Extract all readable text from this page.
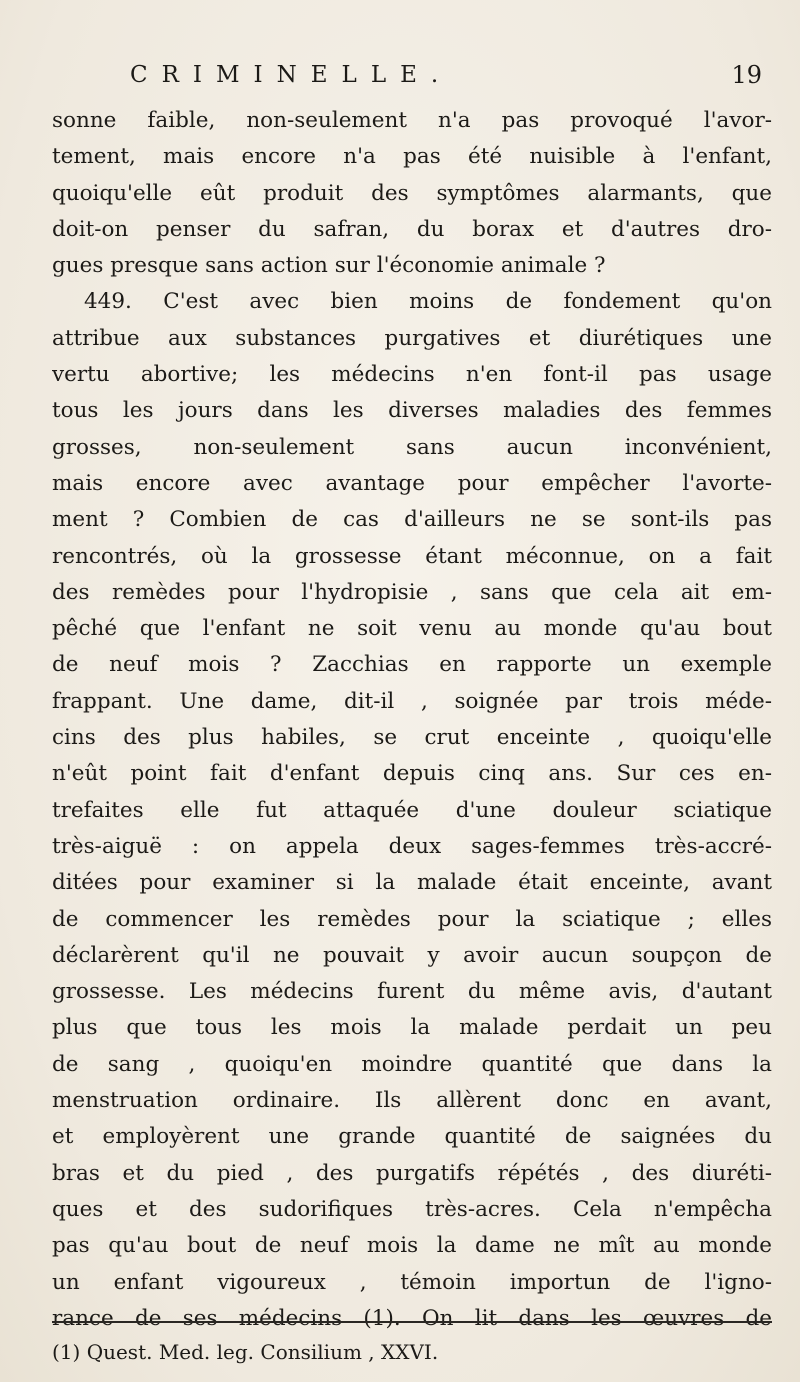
CRIMINELLE.	19
sonne faible, non-seulement n'a pas provoqué l'avor-
tement, mais encore n'a pas été nuisible à l'enfant,
quoiqu'elle eût produit des symptômes alarmants, que
doit-on penser du safran, du borax et d'autres dro-
gues presque sans action sur l'économie animale ?
449. C'est avec bien moins de fondement qu'on
attribue aux substances purgatives et diurétiques une
vertu abortive; les médecins n'en font-il pas usage
tous les jours dans les diverses maladies des femmes
grosses, non-seulement sans aucun inconvénient,
mais encore avec avantage pour empêcher l'avorte-
ment ? Combien de cas d'ailleurs ne se sont-ils pas
rencontrés, où la grossesse étant méconnue, on a fait
des remèdes pour l'hydropisie , sans que cela ait em-
pêché que l'enfant ne soit venu au monde qu'au bout
de neuf mois ? Zacchias en rapporte un exemple
frappant. Une dame, dit-il , soignée par trois méde-
cins des plus habiles, se crut enceinte , quoiqu'elle
n'eût point fait d'enfant depuis cinq ans. Sur ces en-
trefaites elle fut attaquée d'une douleur sciatique
très-aiguë : on appela deux sages-femmes très-accré-
ditées pour examiner si la malade était enceinte, avant
de commencer les remèdes pour la sciatique ; elles
déclarèrent qu'il ne pouvait y avoir aucun soupçon de
grossesse. Les médecins furent du même avis, d'autant
plus que tous les mois la malade perdait un peu
de sang , quoiqu'en moindre quantité que dans la
menstruation ordinaire. Ils allèrent donc en avant,
et employèrent une grande quantité de saignées du
bras et du pied , des purgatifs répétés , des diuréti-
ques et des sudorifiques très-acres. Cela n'empêcha
pas qu'au bout de neuf mois la dame ne mît au monde
un enfant vigoureux , témoin importun de l'igno-
rance de ses médecins (1). On lit dans les œuvres de
(1) Quest. Med. leg. Consilium , XXVI.
